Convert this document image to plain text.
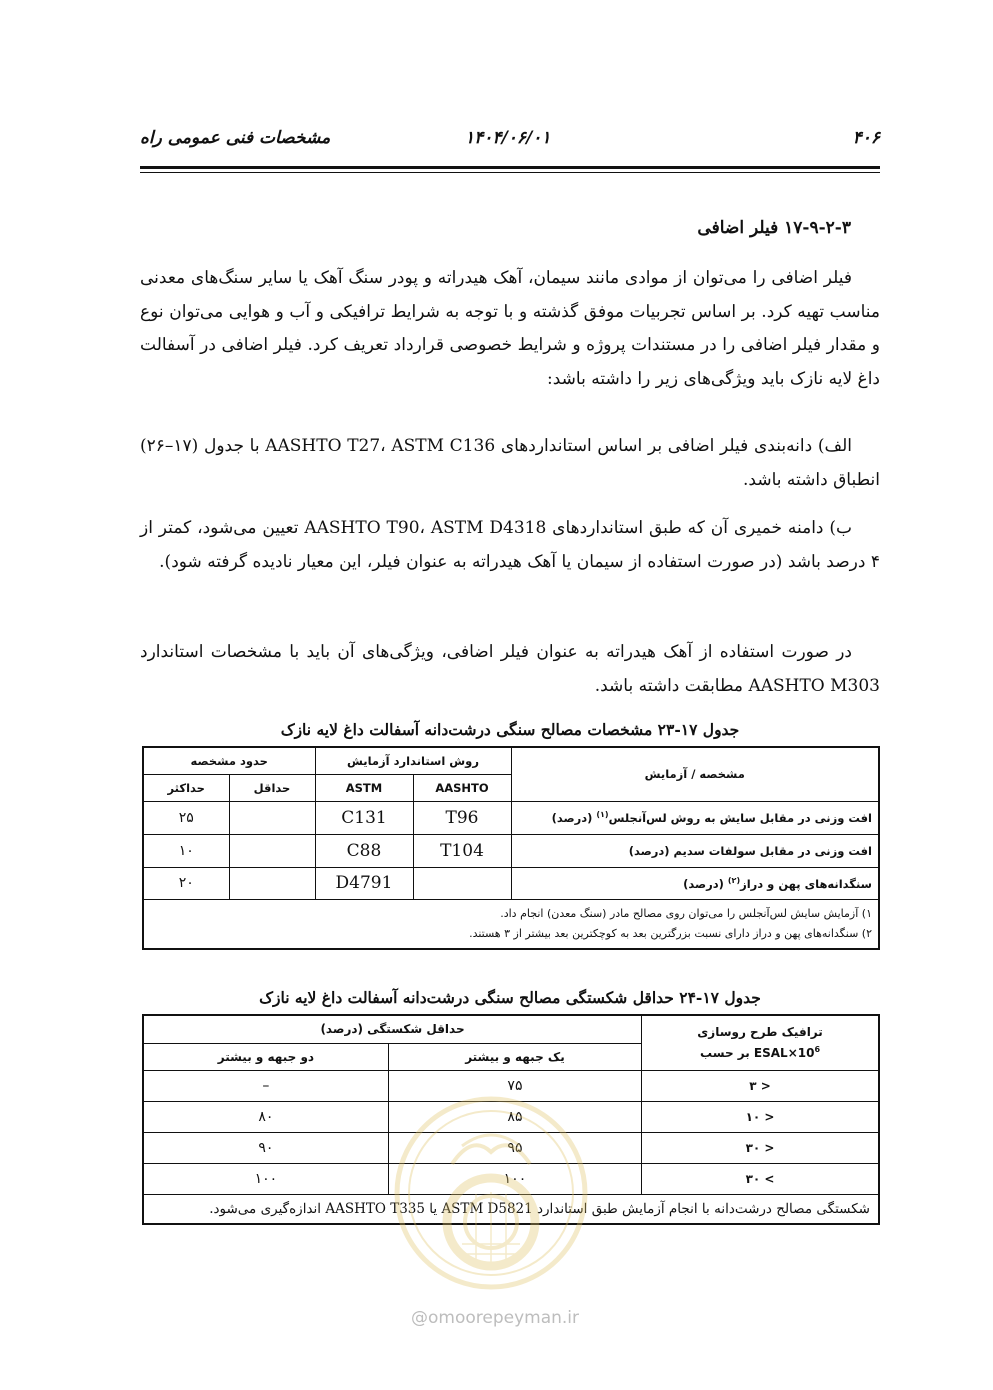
مشخصات فنی عمومی راه	۱۴۰۴/۰۶/۰۱	۴۰۶
۱۷-۹-۲-۳ فیلر اضافی

فیلر اضافی را می‌توان از موادی مانند سیمان، آهک هیدراته و پودر سنگ آهک یا سایر سنگ‌های معدنی مناسب تهیه کرد. بر اساس تجربیات موفق گذشته و با توجه به شرایط ترافیکی و آب و هوایی می‌توان نوع و مقدار فیلر اضافی را در مستندات پروژه و شرایط خصوصی قرارداد تعریف کرد. فیلر اضافی در آسفالت داغ لایه نازک باید ویژگی‌های زیر را داشته باشد:

الف) دانه‌بندی فیلر اضافی بر اساس استانداردهای AASHTO T27، ASTM C136 با جدول (۱۷–۲۶) انطباق داشته باشد.

ب) دامنه خمیری آن که طبق استانداردهای AASHTO T90، ASTM D4318 تعیین می‌شود، کمتر از ۴ درصد باشد (در صورت استفاده از سیمان یا آهک هیدراته به عنوان فیلر، این معیار نادیده گرفته شود).

در صورت استفاده از آهک هیدراته به عنوان فیلر اضافی، ویژگی‌های آن باید با مشخصات استاندارد AASHTO M303 مطابقت داشته باشد.

جدول ۱۷-۲۳ مشخصات مصالح سنگی درشت‌دانه آسفالت داغ لایه نازک
مشخصه / آزمایش	روش استاندارد آزمایش		حدود مشخصه	
	AASHTO	ASTM	حداقل	حداکثر
افت وزنی در مقابل سایش به روش لس‌آنجلس$^{(۱)}$ (درصد)	T96	C131		۲۵
افت وزنی در مقابل سولفات سدیم (درصد)	T104	C88		۱۰
سنگدانه‌های پهن و دراز$^{(۲)}$ (درصد)		D4791		۲۰

۱) آزمایش سایش لس‌آنجلس را می‌توان روی مصالح مادر (سنگ معدن) انجام داد.
۲) سنگدانه‌های پهن و دراز دارای نسبت بزرگترین بعد به کوچکترین بعد بیشتر از ۳ هستند.				
جدول ۱۷-۲۴ حداقل شکستگی مصالح سنگی درشت‌دانه آسفالت داغ لایه نازک
ترافیک طرح روسازی
بر حسب $ESAL\times 10^6$	حداقل شکستگی (درصد)	
	یک جبهه و بیشتر	دو جبهه و بیشتر
< ۳	۷۵	–
< ۱۰	۸۵	۸۰
< ۳۰	۹۵	۹۰
> ۳۰	۱۰۰	۱۰۰
شکستگی مصالح درشت‌دانه با انجام آزمایش طبق استاندارد ASTM D5821 یا AASHTO T335 اندازه‌گیری می‌شود.		
@omoorepeyman.ir
